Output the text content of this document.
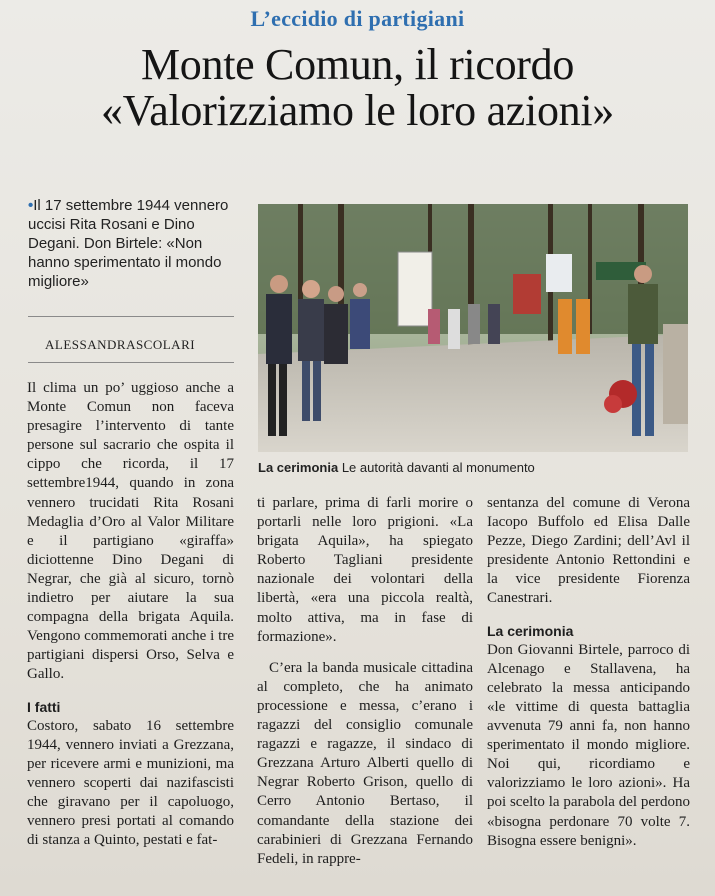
L’eccidio di partigiani
Monte Comun, il ricordo
«Valorizziamo le loro azioni»
•Il 17 settembre 1944 vennero uccisi Rita Rosani e Dino Degani. Don Birtele: «Non hanno sperimentato il mondo migliore»
ALESSANDRASCOLARI
La cerimonia Le autorità davanti al monumento

Il clima un po’ uggioso anche a Monte Comun non faceva presagire l’intervento di tante persone sul sacrario che ospita il cippo che ricorda, il 17 settembre1944, quando in zona vennero trucidati Rita Rosani Medaglia d’Oro al Valor Militare e il partigiano «giraffa» diciottenne Dino Degani di Negrar, che già al sicuro, tornò indietro per aiutare la sua compagna della brigata Aquila. Vengono commemorati anche i tre partigiani dispersi Orso, Selva e Gallo.

I fatti

Costoro, sabato 16 settembre 1944, vennero inviati a Grezzana, per ricevere armi e munizioni, ma vennero scoperti dai nazifascisti che giravano per il capoluogo, vennero presi portati al comando di stanza a Quinto, pestati e fat-

ti parlare, prima di farli morire o portarli nelle loro prigioni. «La brigata Aquila», ha spiegato Roberto Tagliani presidente nazionale dei volontari della libertà, «era una piccola realtà, molto attiva, ma in fase di formazione».

C’era la banda musicale cittadina al completo, che ha animato processione e messa, c’erano i ragazzi del consiglio comunale ragazzi e ragazze, il sindaco di Grezzana Arturo Alberti quello di Negrar Roberto Grison, quello di Cerro Antonio Bertaso, il comandante della stazione dei carabinieri di Grezzana Fernando Fedeli, in rappre-

sentanza del comune di Verona Iacopo Buffolo ed Elisa Dalle Pezze, Diego Zardini; dell’Avl il presidente Antonio Rettondini e la vice presidente Fiorenza Canestrari.

La cerimonia

Don Giovanni Birtele, parroco di Alcenago e Stallavena, ha celebrato la messa anticipando «le vittime di questa battaglia avvenuta 79 anni fa, non hanno sperimentato il mondo migliore. Noi qui, ricordiamo e valorizziamo le loro azioni». Ha poi scelto la parabola del perdono «bisogna perdonare 70 volte 7. Bisogna essere benigni».
